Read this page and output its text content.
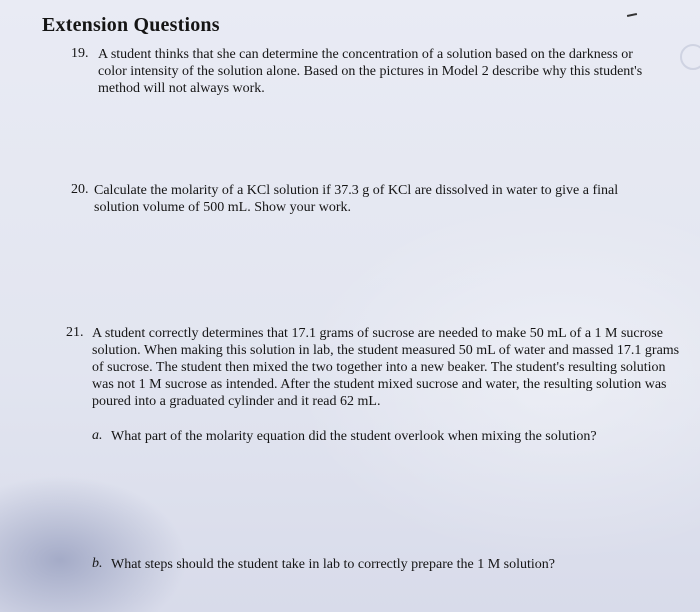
Extension Questions
19. A student thinks that she can determine the concentration of a solution based on the darkness or color intensity of the solution alone. Based on the pictures in Model 2 describe why this student's method will not always work.

20. Calculate the molarity of a KCl solution if 37.3 g of KCl are dissolved in water to give a final solution volume of 500 mL. Show your work.

21. A student correctly determines that 17.1 grams of sucrose are needed to make 50 mL of a 1 M sucrose solution. When making this solution in lab, the student measured 50 mL of water and massed 17.1 grams of sucrose. The student then mixed the two together into a new beaker. The student's resulting solution was not 1 M sucrose as intended. After the student mixed sucrose and water, the resulting solution was poured into a graduated cylinder and it read 62 mL.

a. What part of the molarity equation did the student overlook when mixing the solution?

b. What steps should the student take in lab to correctly prepare the 1 M solution?
